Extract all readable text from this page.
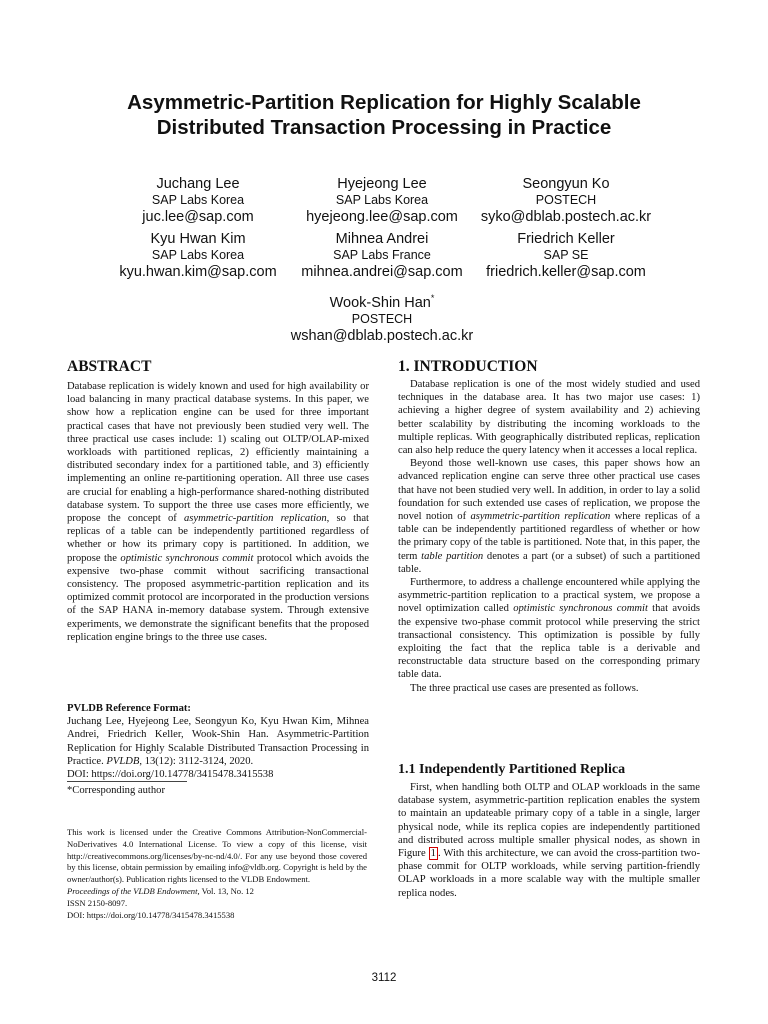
Asymmetric-Partition Replication for Highly Scalable
Distributed Transaction Processing in Practice
Juchang Lee
SAP Labs Korea
juc.lee@sap.com
Hyejeong Lee
SAP Labs Korea
hyejeong.lee@sap.com
Seongyun Ko
POSTECH
syko@dblab.postech.ac.kr
Kyu Hwan Kim
SAP Labs Korea
kyu.hwan.kim@sap.com
Mihnea Andrei
SAP Labs France
mihnea.andrei@sap.com
Friedrich Keller
SAP SE
friedrich.keller@sap.com
Wook-Shin Han*
POSTECH
wshan@dblab.postech.ac.kr
ABSTRACT

Database replication is widely known and used for high availability or load balancing in many practical database systems. In this paper, we show how a replication engine can be used for three important practical cases that have not previously been studied very well. The three practical use cases include: 1) scaling out OLTP/OLAP-mixed workloads with partitioned replicas, 2) efficiently maintaining a distributed secondary index for a partitioned table, and 3) efficiently implementing an online re-partitioning operation. All three use cases are crucial for enabling a high-performance shared-nothing distributed database system. To support the three use cases more efficiently, we propose the concept of asymmetric-partition replication, so that replicas of a table can be independently partitioned regardless of whether or how its primary copy is partitioned. In addition, we propose the optimistic synchronous commit protocol which avoids the expensive two-phase commit without sacrificing transactional consistency. The proposed asymmetric-partition replication and its optimized commit protocol are incorporated in the production versions of the SAP HANA in-memory database system. Through extensive experiments, we demonstrate the significant benefits that the proposed replication engine brings to the three use cases.

PVLDB Reference Format:

Juchang Lee, Hyejeong Lee, Seongyun Ko, Kyu Hwan Kim, Mihnea Andrei, Friedrich Keller, Wook-Shin Han. Asymmetric-Partition Replication for Highly Scalable Distributed Transaction Processing in Practice. PVLDB, 13(12): 3112-3124, 2020.

DOI: https://doi.org/10.14778/3415478.3415538

*Corresponding author

This work is licensed under the Creative Commons Attribution-NonCommercial-NoDerivatives 4.0 International License. To view a copy of this license, visit http://creativecommons.org/licenses/by-nc-nd/4.0/. For any use beyond those covered by this license, obtain permission by emailing info@vldb.org. Copyright is held by the owner/author(s). Publication rights licensed to the VLDB Endowment.

Proceedings of the VLDB Endowment, Vol. 13, No. 12

ISSN 2150-8097.

DOI: https://doi.org/10.14778/3415478.3415538

1. INTRODUCTION

Database replication is one of the most widely studied and used techniques in the database area. It has two major use cases: 1) achieving a higher degree of system availability and 2) achieving better scalability by distributing the incoming workloads to the multiple replicas. With geographically distributed replicas, replication can also help reduce the query latency when it accesses a local replica.

Beyond those well-known use cases, this paper shows how an advanced replication engine can serve three other practical use cases that have not been studied very well. In addition, in order to lay a solid foundation for such extended use cases of replication, we propose the novel notion of asymmetric-partition replication where replicas of a table can be independently partitioned regardless of whether or how the primary copy of the table is partitioned. Note that, in this paper, the term table partition denotes a part (or a subset) of such a partitioned table.

Furthermore, to address a challenge encountered while applying the asymmetric-partition replication to a practical system, we propose a novel optimization called optimistic synchronous commit that avoids the expensive two-phase commit protocol while preserving the strict transactional consistency. This optimization is possible by fully exploiting the fact that the replica table is a derivable and reconstructable data structure based on the corresponding primary table data.

The three practical use cases are presented as follows.

1.1 Independently Partitioned Replica

First, when handling both OLTP and OLAP workloads in the same database system, asymmetric-partition replication enables the system to maintain an updateable primary copy of a table in a single, larger physical node, while its replica copies are independently partitioned and distributed across multiple smaller physical nodes, as shown in Figure 1 . With this architecture, we can avoid the cross-partition two-phase commit for OLTP workloads, while serving partition-friendly OLAP workloads in a more scalable way with the multiple smaller replica nodes.

3112
